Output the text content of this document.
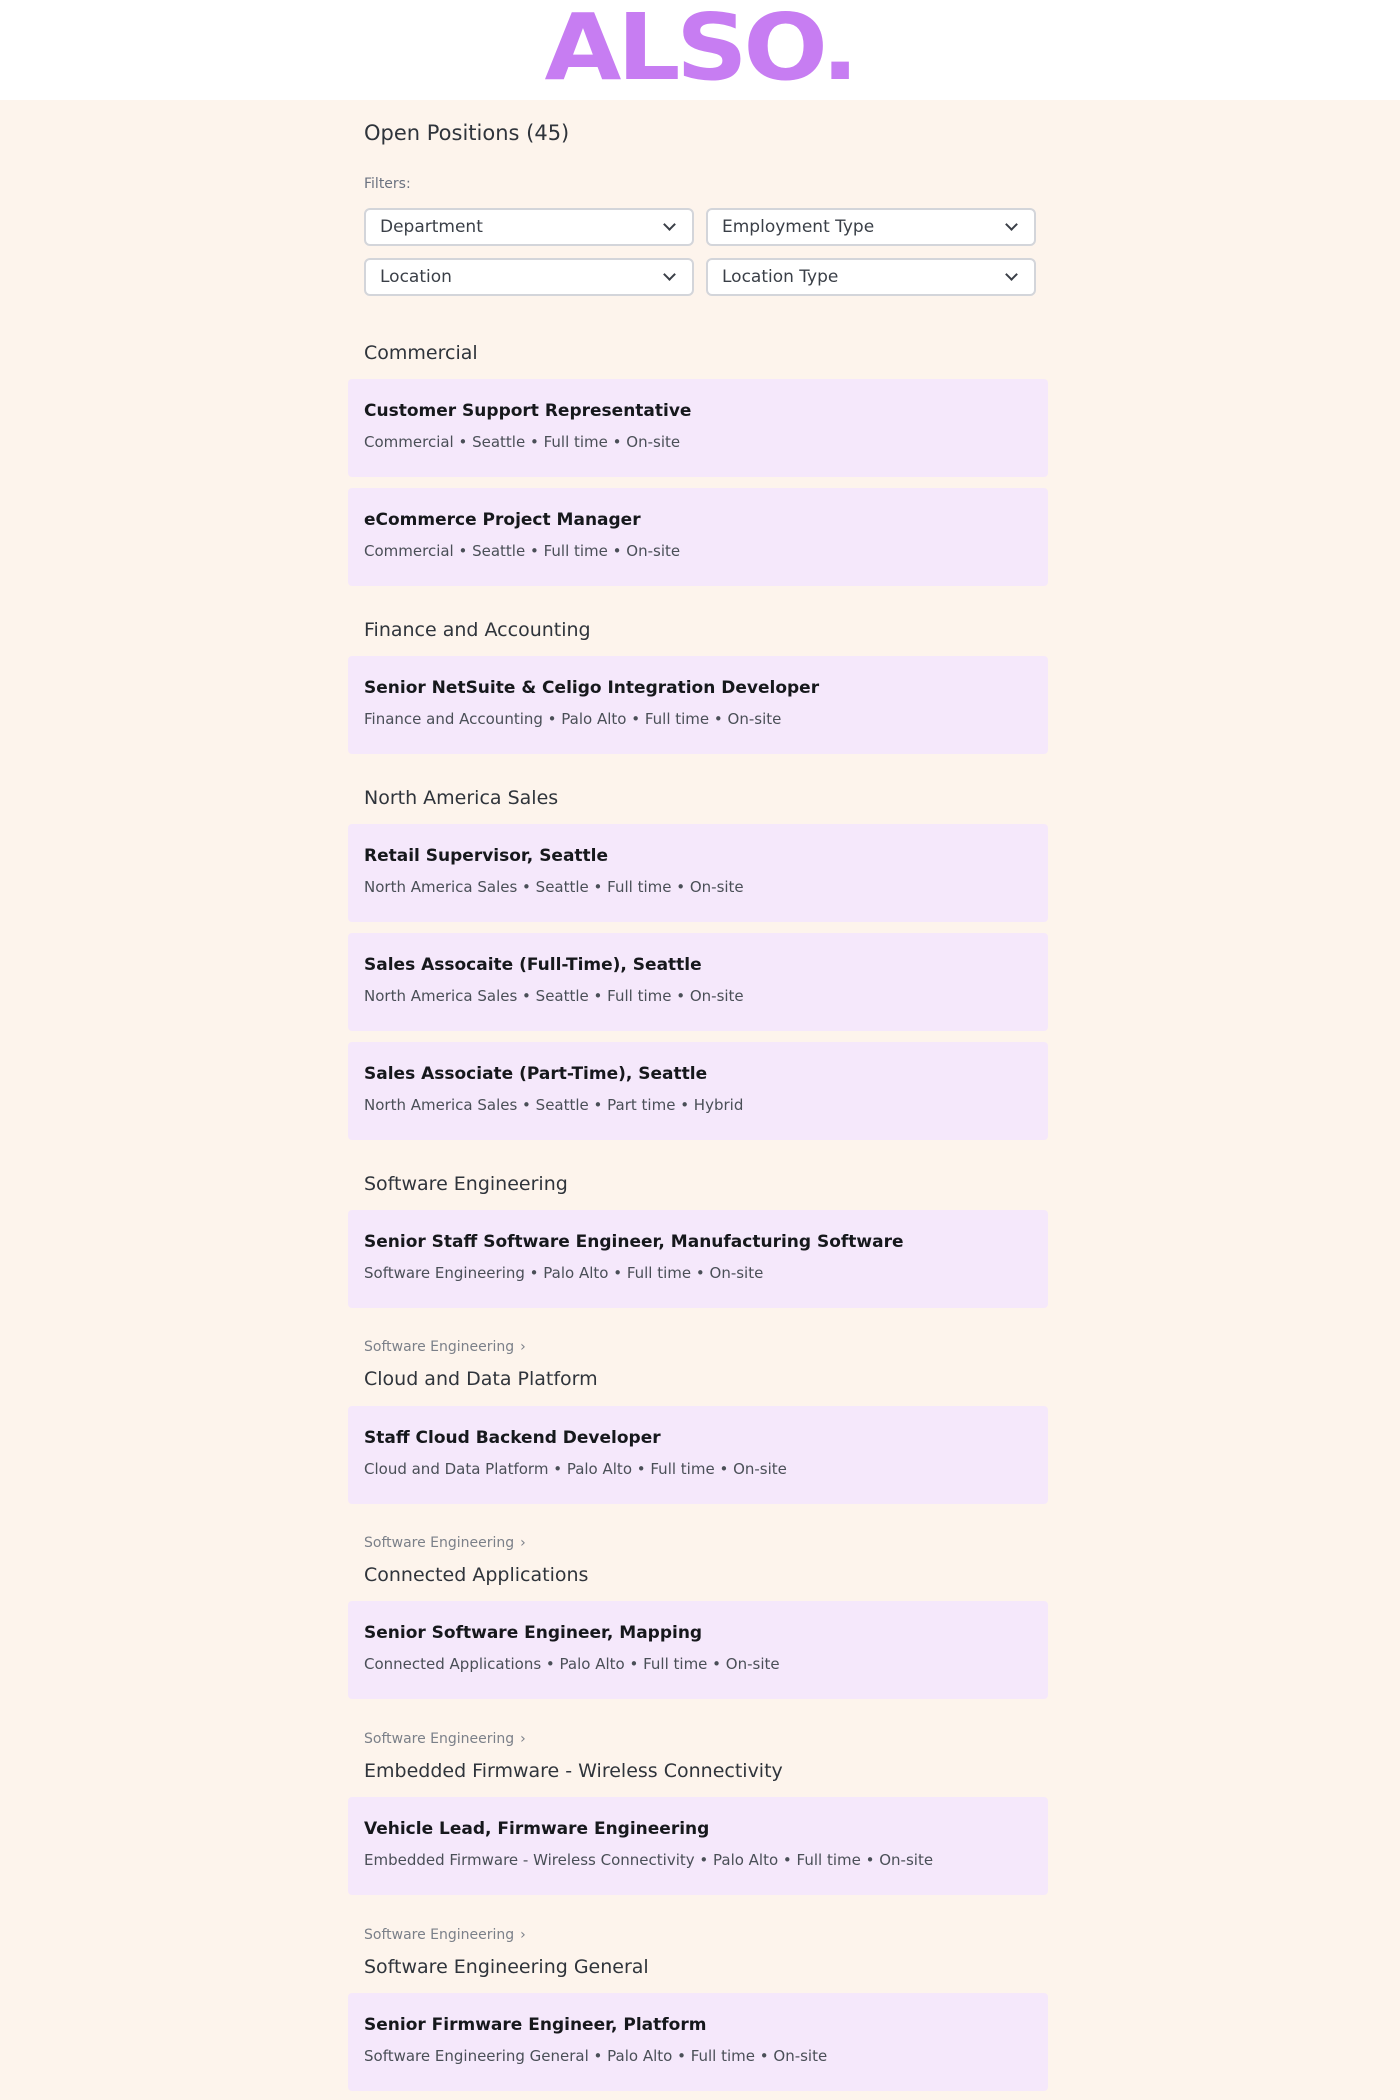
ALSO.
Open Positions (45)
Filters:
Department	Employment Type
Location	Location Type
Commercial
Customer Support Representative
Commercial • Seattle • Full time • On-site
eCommerce Project Manager
Commercial • Seattle • Full time • On-site
Finance and Accounting
Senior NetSuite & Celigo Integration Developer
Finance and Accounting • Palo Alto • Full time • On-site
North America Sales
Retail Supervisor, Seattle
North America Sales • Seattle • Full time • On-site
Sales Assocaite (Full-Time), Seattle
North America Sales • Seattle • Full time • On-site
Sales Associate (Part-Time), Seattle
North America Sales • Seattle • Part time • Hybrid
Software Engineering
Senior Staff Software Engineer, Manufacturing Software
Software Engineering • Palo Alto • Full time • On-site
Software Engineering ›
Cloud and Data Platform
Staff Cloud Backend Developer
Cloud and Data Platform • Palo Alto • Full time • On-site
Software Engineering ›
Connected Applications
Senior Software Engineer, Mapping
Connected Applications • Palo Alto • Full time • On-site
Software Engineering ›
Embedded Firmware - Wireless Connectivity
Vehicle Lead, Firmware Engineering
Embedded Firmware - Wireless Connectivity • Palo Alto • Full time • On-site
Software Engineering ›
Software Engineering General
Senior Firmware Engineer, Platform
Software Engineering General • Palo Alto • Full time • On-site
